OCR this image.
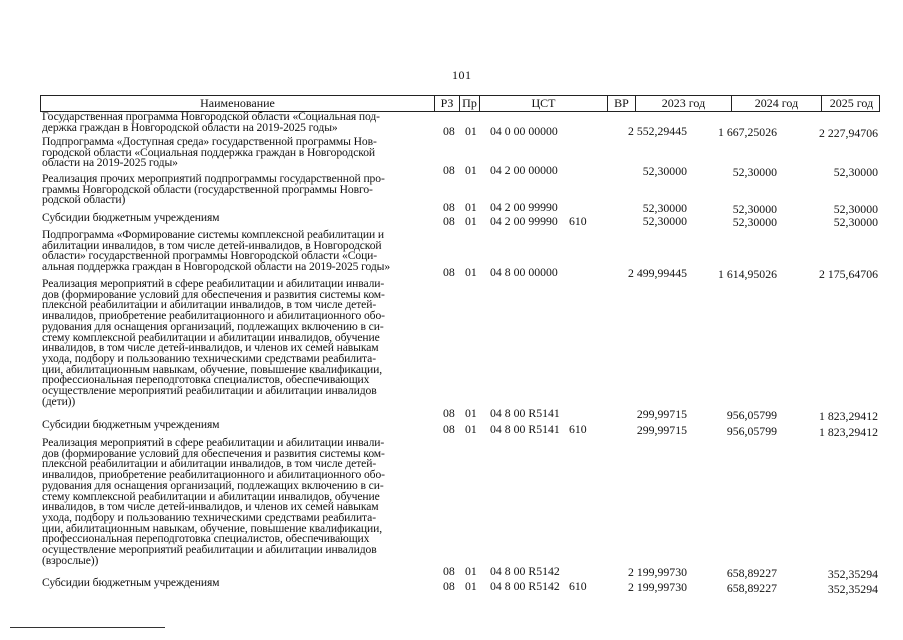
101
Наименование	РЗ Пр	ЦСТ	ВР	2023 год	2024 год	2025 год
Государственная программа Новгородской области «Социальная под-
держка граждан в Новгородской области на 2019-2025 годы»	08 01 04 0 00 00000	2 552,29445	1 667,25026	2 227,94706
Подпрограмма «Доступная среда» государственной программы Нов-
городской области «Социальная поддержка граждан в Новгородской
области на 2019-2025 годы»
08 01 04 2 00 00000	52,30000	52,30000	52,30000
Реализация прочих мероприятий подпрограммы государственной про-
граммы Новгородской области (государственной программы Новго-
родской области)
08 01 04 2 00 99990	52,30000	52,30000	52,30000
Субсидии бюджетным учреждениям	08 01 04 2 00 99990 610	52,30000	52,30000	52,30000
Подпрограмма «Формирование системы комплексной реабилитации и
абилитации инвалидов, в том числе детей-инвалидов, в Новгородской
области» государственной программы Новгородской области «Соци-
альная поддержка граждан в Новгородской области на 2019-2025 годы»	08 01 04 8 00 00000	2 499,99445	1 614,95026	2 175,64706
Реализация мероприятий в сфере реабилитации и абилитации инвали-
дов (формирование условий для обеспечения и развития системы ком-
плексной реабилитации и абилитации инвалидов, в том числе детей-
инвалидов, приобретение реабилитационного и абилитационного обо-
рудования для оснащения организаций, подлежащих включению в си-
стему комплексной реабилитации и абилитации инвалидов, обучение
инвалидов, в том числе детей-инвалидов, и членов их семей навыкам
ухода, подбору и пользованию техническими средствами реабилита-
ции, абилитационным навыкам, обучение, повышение квалификации,
профессиональная переподготовка специалистов, обеспечивающих
осуществление мероприятий реабилитации и абилитации инвалидов
(дети))
08 01 04 8 00 R5141	299,99715	956,05799	1 823,29412
Субсидии бюджетным учреждениям	08 01 04 8 00 R5141 610	299,99715	956,05799	1 823,29412
Реализация мероприятий в сфере реабилитации и абилитации инвали-
дов (формирование условий для обеспечения и развития системы ком-
плексной реабилитации и абилитации инвалидов, в том числе детей-
инвалидов, приобретение реабилитационного и абилитационного обо-
рудования для оснащения организаций, подлежащих включению в си-
стему комплексной реабилитации и абилитации инвалидов, обучение
инвалидов, в том числе детей-инвалидов, и членов их семей навыкам
ухода, подбору и пользованию техническими средствами реабилита-
ции, абилитационным навыкам, обучение, повышение квалификации,
профессиональная переподготовка специалистов, обеспечивающих
осуществление мероприятий реабилитации и абилитации инвалидов
(взрослые))
08 01 04 8 00 R5142	2 199,99730	658,89227	352,35294
Субсидии бюджетным учреждениям	08 01 04 8 00 R5142 610	2 199,99730	658,89227	352,35294
